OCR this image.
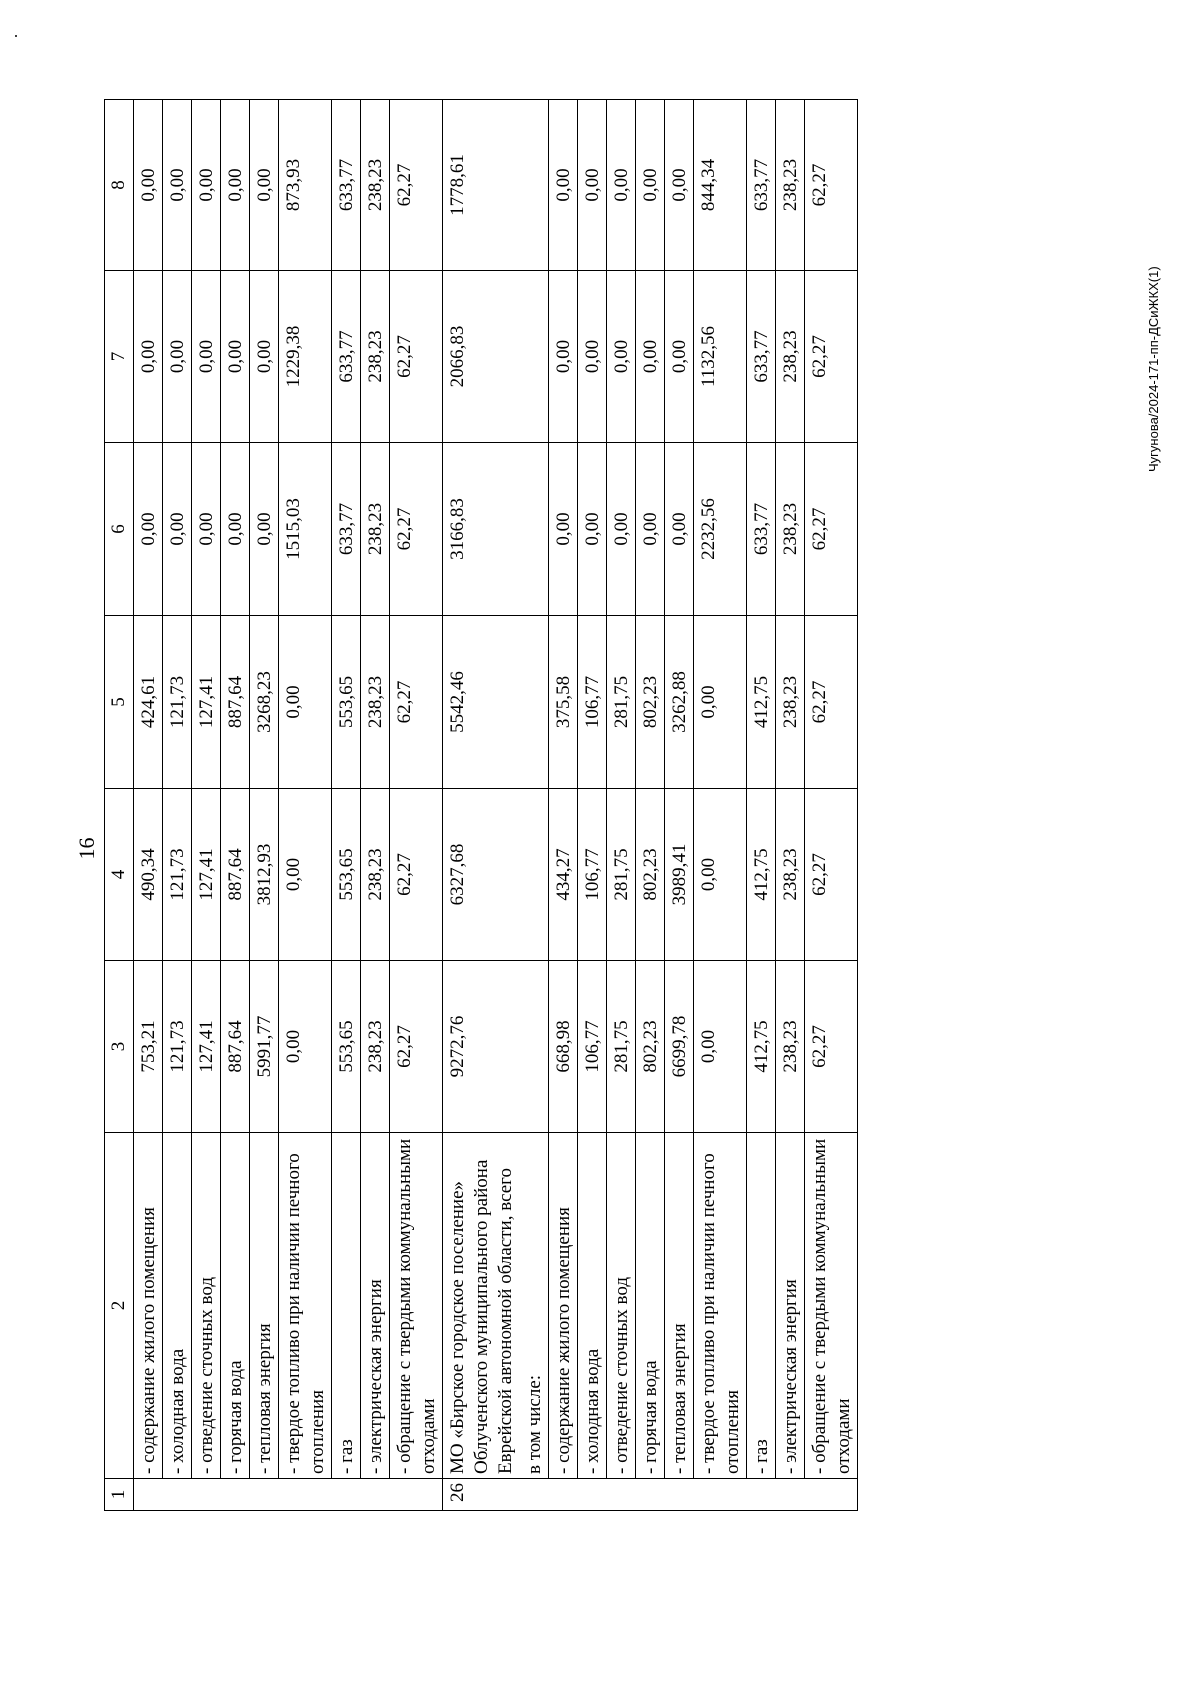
16
1	2	3	4	5	6	7	8
	- содержание жилого помещения	753,21	490,34	424,61	0,00	0,00	0,00
	- холодная вода	121,73	121,73	121,73	0,00	0,00	0,00
	- отведение сточных вод	127,41	127,41	127,41	0,00	0,00	0,00
	- горячая вода	887,64	887,64	887,64	0,00	0,00	0,00
	- тепловая энергия	5991,77	3812,93	3268,23	0,00	0,00	0,00
	- твердое топливо при наличии печного отопления	0,00	0,00	0,00	1515,03	1229,38	873,93
	- газ	553,65	553,65	553,65	633,77	633,77	633,77
	- электрическая энергия	238,23	238,23	238,23	238,23	238,23	238,23
	- обращение с твердыми коммунальными отходами	62,27	62,27	62,27	62,27	62,27	62,27
26	МО «Бирское городское поселение» Облученского муниципального района Еврейской автономной области, всего	9272,76	6327,68	5542,46	3166,83	2066,83	1778,61
	в том числе:						
	- содержание жилого помещения	668,98	434,27	375,58	0,00	0,00	0,00
	- холодная вода	106,77	106,77	106,77	0,00	0,00	0,00
	- отведение сточных вод	281,75	281,75	281,75	0,00	0,00	0,00
	- горячая вода	802,23	802,23	802,23	0,00	0,00	0,00
	- тепловая энергия	6699,78	3989,41	3262,88	0,00	0,00	0,00
	- твердое топливо при наличии печного отопления	0,00	0,00	0,00	2232,56	1132,56	844,34
	- газ	412,75	412,75	412,75	633,77	633,77	633,77
	- электрическая энергия	238,23	238,23	238,23	238,23	238,23	238,23
	- обращение с твердыми коммунальными отходами	62,27	62,27	62,27	62,27	62,27	62,27
Чугунова/2024-171-пп-ДСиЖКХ(1)
